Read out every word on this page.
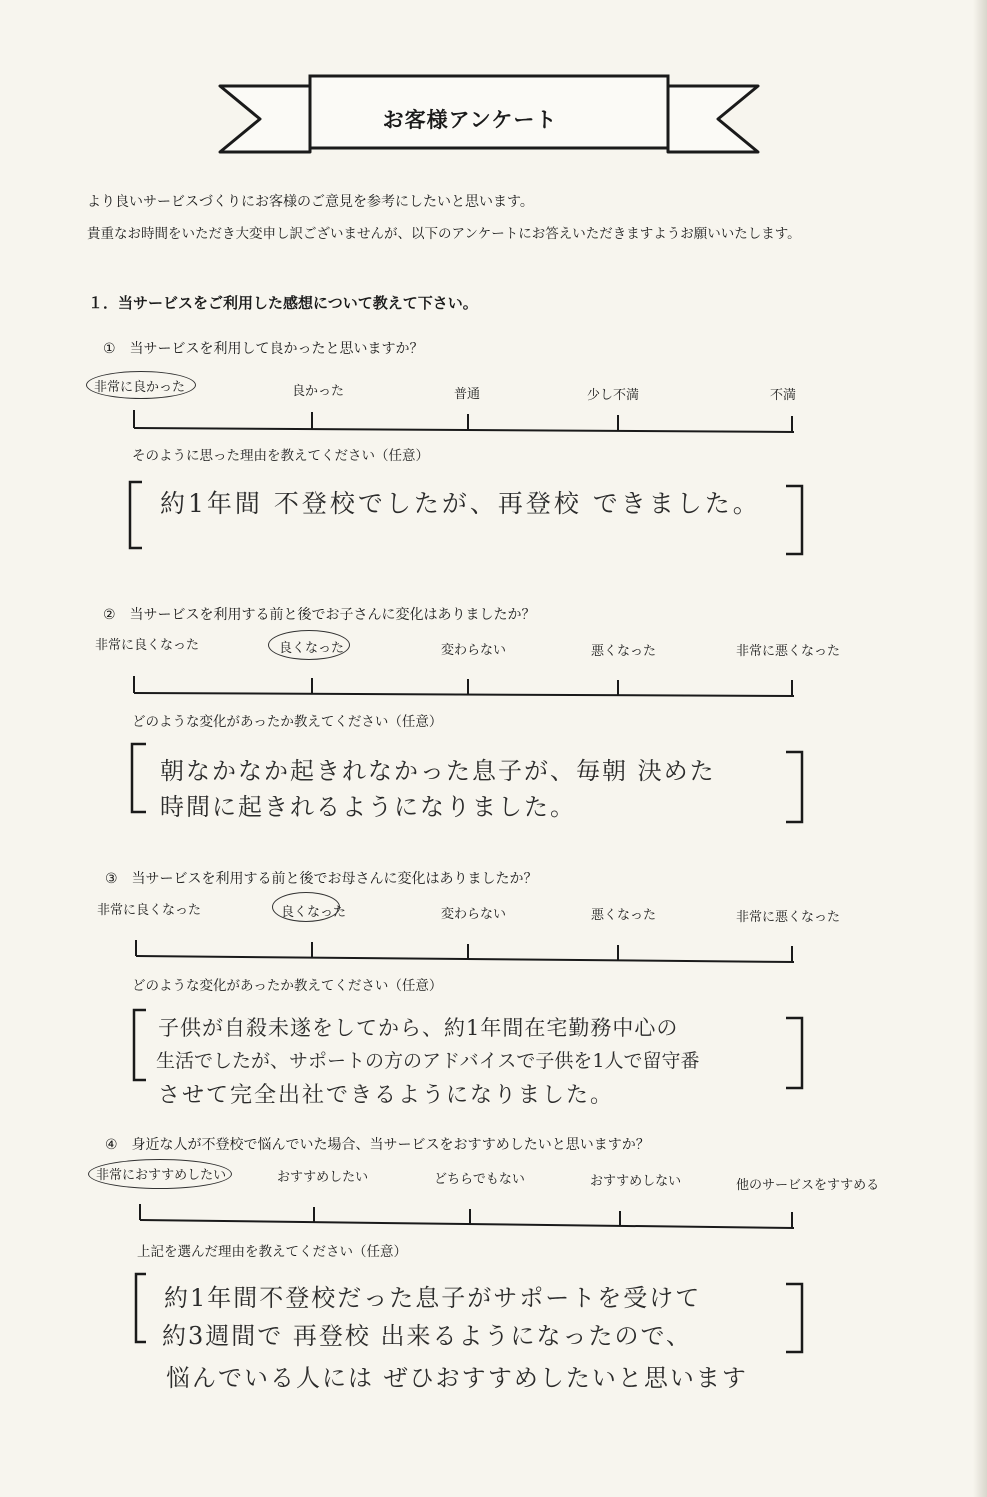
お客様アンケート
より良いサービスづくりにお客様のご意見を参考にしたいと思います。
貴重なお時間をいただき大変申し訳ございませんが、以下のアンケートにお答えいただきますようお願いいたします。
１．当サービスをご利用した感想について教えて下さい。
①　当サービスを利用して良かったと思いますか？
非常に良かった	良かった	普通	少し不満	不満
そのように思った理由を教えてください（任意）
約1年間 不登校でしたが、再登校 できました。
②　当サービスを利用する前と後でお子さんに変化はありましたか？
非常に良くなった	良くなった	変わらない	悪くなった	非常に悪くなった
どのような変化があったか教えてください（任意）
朝なかなか起きれなかった息子が、毎朝 決めた
時間に起きれるようになりました。
③　当サービスを利用する前と後でお母さんに変化はありましたか？
非常に良くなった	良くなった	変わらない	悪くなった	非常に悪くなった
どのような変化があったか教えてください（任意）
子供が自殺未遂をしてから、約1年間在宅勤務中心の
生活でしたが、サポートの方のアドバイスで子供を1人で留守番
させて完全出社できるようになりました。
④　身近な人が不登校で悩んでいた場合、当サービスをおすすめしたいと思いますか？
非常におすすめしたい	おすすめしたい	どちらでもない	おすすめしない	他のサービスをすすめる
上記を選んだ理由を教えてください（任意）
約1年間不登校だった息子がサポートを受けて
約3週間で 再登校 出来るようになったので、
悩んでいる人には ぜひおすすめしたいと思います
